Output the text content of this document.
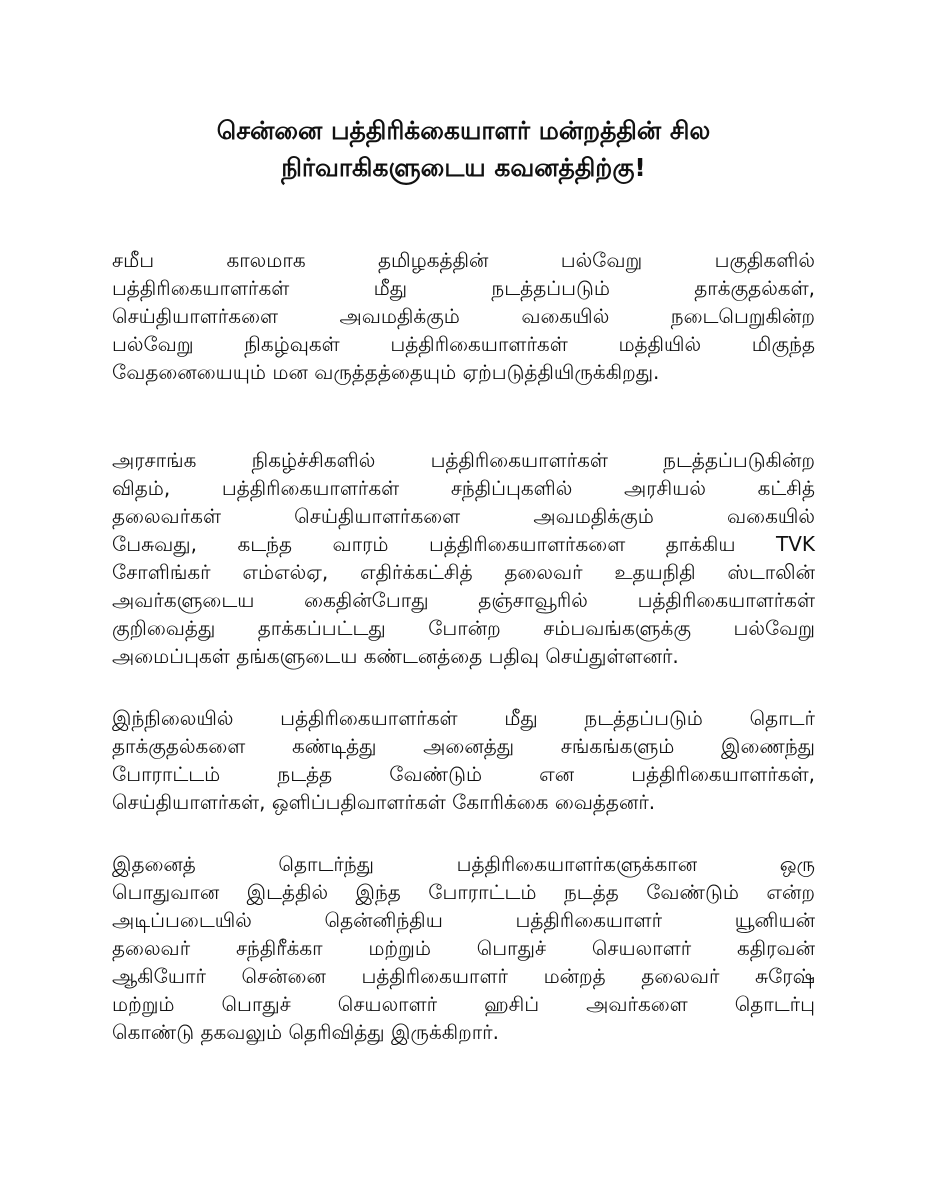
சென்னை பத்திரிக்கையாளர் மன்றத்தின் சில
நிர்வாகிகளுடைய கவனத்திற்கு!

சமீப காலமாக தமிழகத்தின் பல்வேறு பகுதிகளில்
பத்திரிகையாளர்கள் மீது நடத்தப்படும் தாக்குதல்கள்,
செய்தியாளர்களை அவமதிக்கும் வகையில் நடைபெறுகின்ற
பல்வேறு நிகழ்வுகள் பத்திரிகையாளர்கள் மத்தியில் மிகுந்த
வேதனையையும் மன வருத்தத்தையும் ஏற்படுத்தியிருக்கிறது.

அரசாங்க நிகழ்ச்சிகளில் பத்திரிகையாளர்கள் நடத்தப்படுகின்ற
விதம், பத்திரிகையாளர்கள் சந்திப்புகளில் அரசியல் கட்சித்
தலைவர்கள் செய்தியாளர்களை அவமதிக்கும் வகையில்
பேசுவது, கடந்த வாரம் பத்திரிகையாளர்களை தாக்கிய TVK
சோளிங்கர் எம்எல்ஏ, எதிர்க்கட்சித் தலைவர் உதயநிதி ஸ்டாலின்
அவர்களுடைய கைதின்போது தஞ்சாவூரில் பத்திரிகையாளர்கள்
குறிவைத்து தாக்கப்பட்டது போன்ற சம்பவங்களுக்கு பல்வேறு
அமைப்புகள் தங்களுடைய கண்டனத்தை பதிவு செய்துள்ளனர்.

இந்நிலையில் பத்திரிகையாளர்கள் மீது நடத்தப்படும் தொடர்
தாக்குதல்களை கண்டித்து அனைத்து சங்கங்களும் இணைந்து
போராட்டம் நடத்த வேண்டும் என பத்திரிகையாளர்கள்,
செய்தியாளர்கள், ஒளிப்பதிவாளர்கள் கோரிக்கை வைத்தனர்.

இதனைத் தொடர்ந்து பத்திரிகையாளர்களுக்கான ஒரு
பொதுவான இடத்தில் இந்த போராட்டம் நடத்த வேண்டும் என்ற
அடிப்படையில் தென்னிந்திய பத்திரிகையாளர் யூனியன்
தலைவர் சந்திரீக்கா மற்றும் பொதுச் செயலாளர் கதிரவன்
ஆகியோர் சென்னை பத்திரிகையாளர் மன்றத் தலைவர் சுரேஷ்
மற்றும் பொதுச் செயலாளர் ஹசிப் அவர்களை தொடர்பு
கொண்டு தகவலும் தெரிவித்து இருக்கிறார்.
